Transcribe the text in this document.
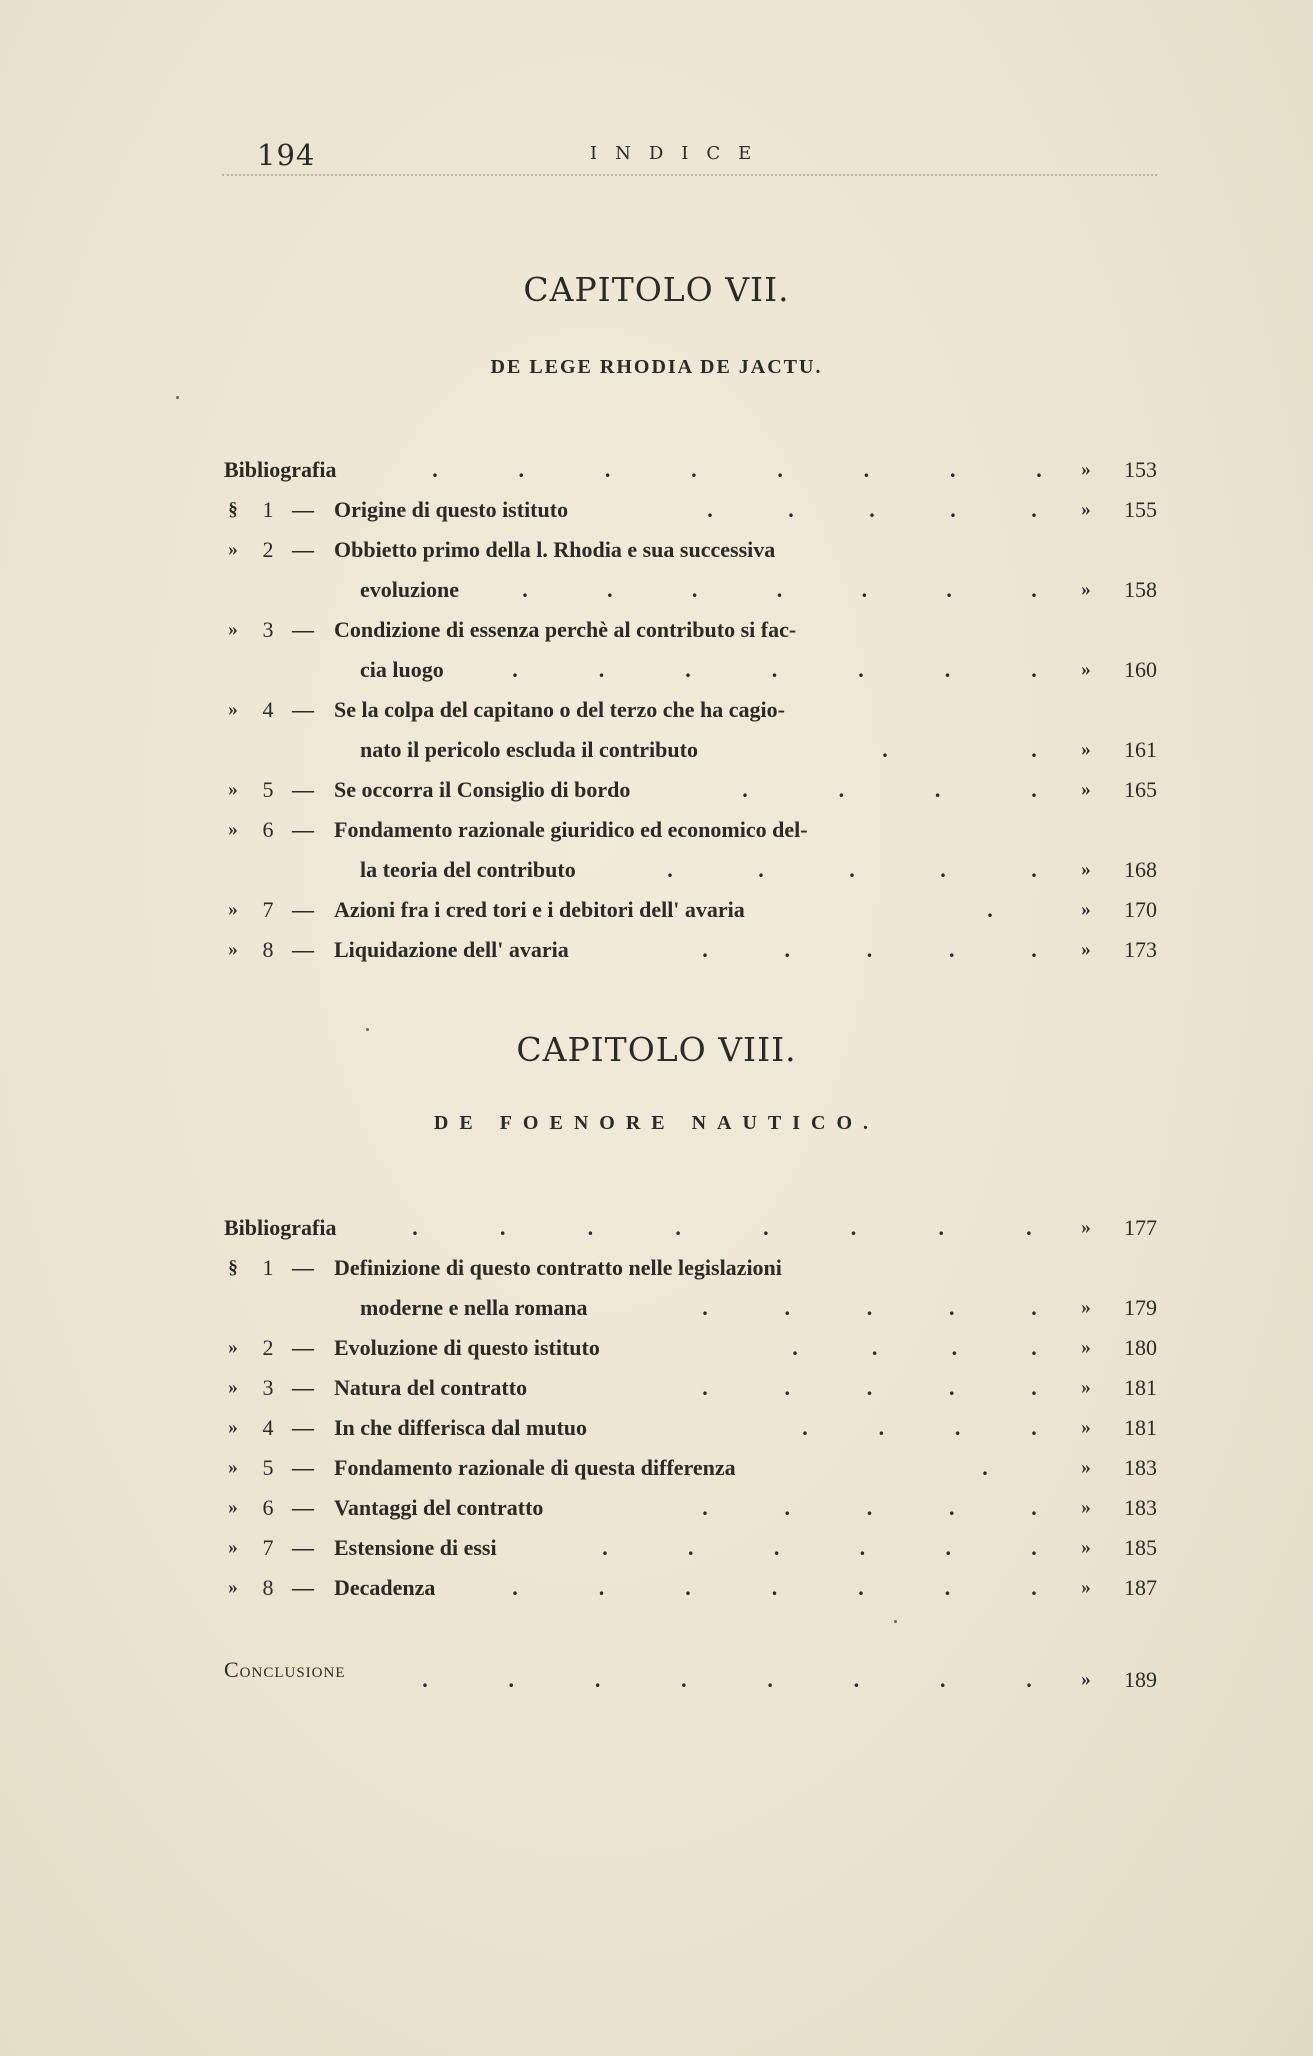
194	INDICE
CAPITOLO VII.
DE LEGE RHODIA DE JACTU.
Bibliografia	.	.	.	.	.	.	.	. »	153
§ 1 — Origine di questo istituto	.	.	.	.	. »	155
» 2 — Obbietto primo della l. Rhodia e sua successiva
evoluzione	.	.	.	.	.	.	. »	158
» 3 — Condizione di essenza perchè al contributo si fac-
cia luogo	.	.	.	.	.	.	. »	160
» 4 — Se la colpa del capitano o del terzo che ha cagio-
nato il pericolo escluda il contributo	.	. »	161
» 5 — Se occorra il Consiglio di bordo	.	.	.	. »	165
» 6 — Fondamento razionale giuridico ed economico del-
la teoria del contributo	.	.	.	.	. »	168
» 7 — Azioni fra i cred tori e i debitori dell' avaria	.	»	170
» 8 — Liquidazione dell' avaria	.	.	.	.	. »	173
CAPITOLO VIII.
DE FOENORE NAUTICO.
Bibliografia	.	.	.	.	.	.	.	.	»	177
§ 1 — Definizione di questo contratto nelle legislazioni
moderne e nella romana	.	.	.	.	. »	179
» 2 — Evoluzione di questo istituto	.	.	.	. »	180
» 3 — Natura del contratto	.	.	.	.	. »	181
» 4 — In che differisca dal mutuo	.	.	.	. »	181
» 5 — Fondamento razionale di questa differenza	.	»	183
» 6 — Vantaggi del contratto	.	.	.	.	. »	183
» 7 — Estensione di essi	.	.	.	.	.	. »	185
» 8 — Decadenza	.	.	.	.	.	.	. »	187
Conclusione	.	.	.	.	.	.	.	.	»	189
